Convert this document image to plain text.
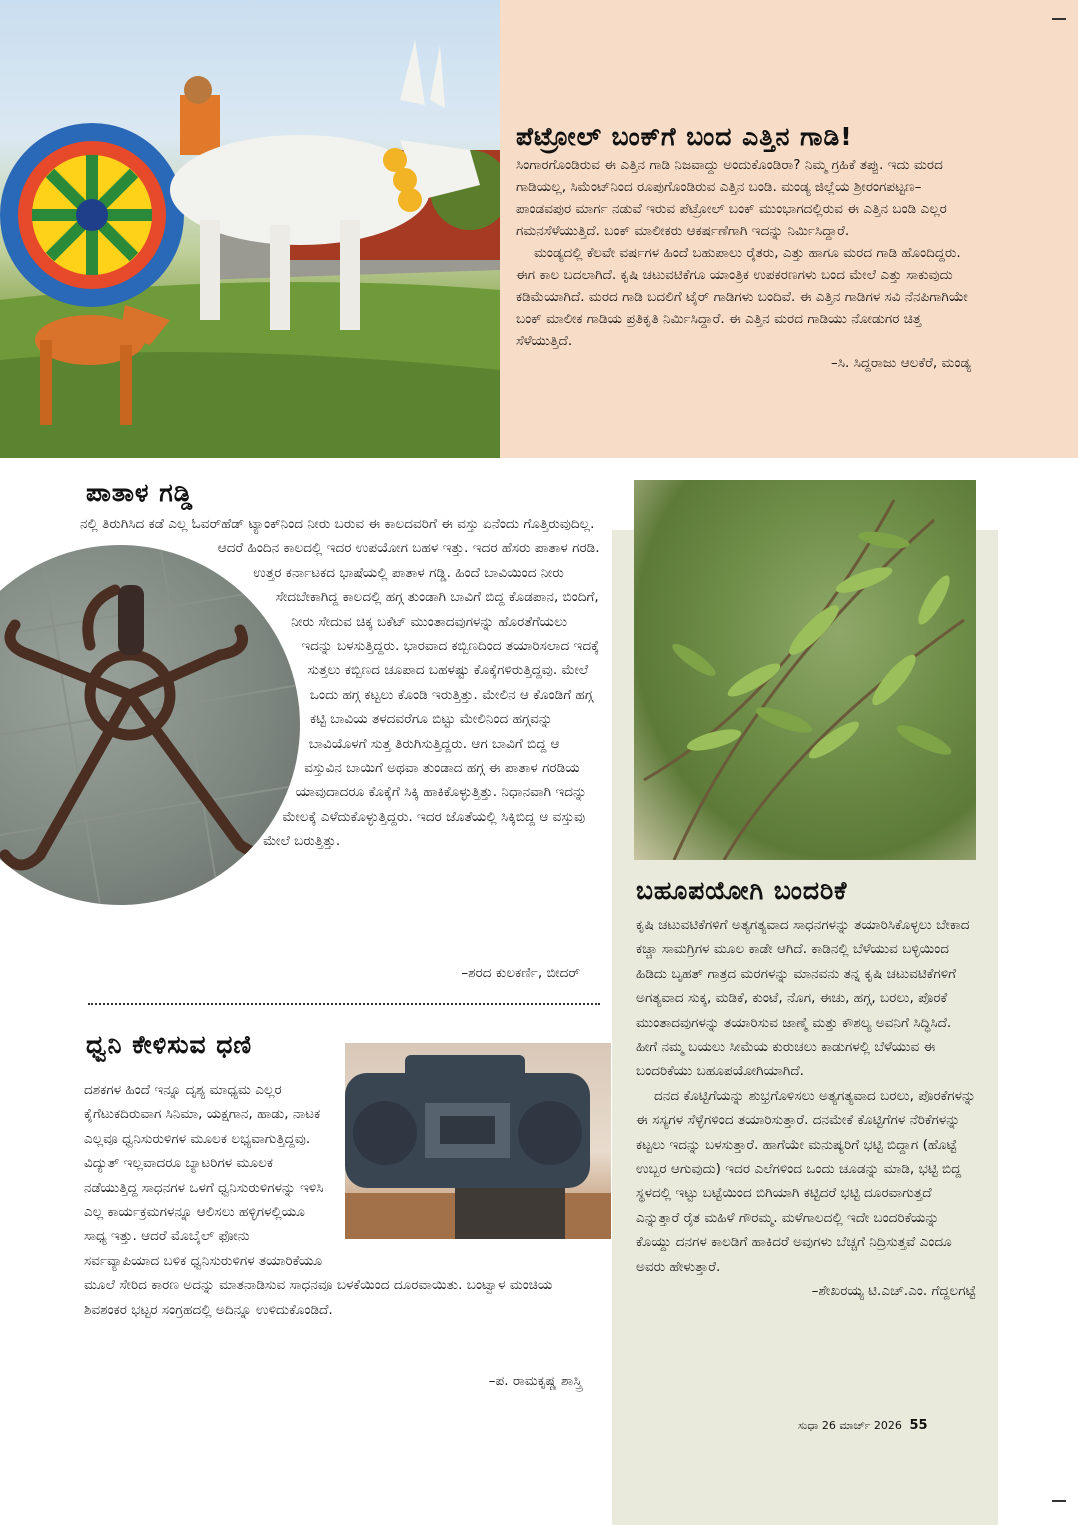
ಪೆಟ್ರೋಲ್ ಬಂಕ್‌ಗೆ ಬಂದ ಎತ್ತಿನ ಗಾಡಿ!

ಸಿಂಗಾರಗೊಂಡಿರುವ ಈ ಎತ್ತಿನ ಗಾಡಿ ನಿಜವಾದ್ದು ಅಂದುಕೊಂಡಿರಾ? ನಿಮ್ಮ ಗ್ರಹಿಕೆ ತಪ್ಪು. ಇದು ಮರದ ಗಾಡಿಯಲ್ಲ, ಸಿಮೆಂಟ್‌ನಿಂದ ರೂಪುಗೊಂಡಿರುವ ಎತ್ತಿನ ಬಂಡಿ. ಮಂಡ್ಯ ಜಿಲ್ಲೆಯ ಶ್ರೀರಂಗಪಟ್ಟಣ–ಪಾಂಡವಪುರ ಮಾರ್ಗ ನಡುವೆ ಇರುವ ಪೆಟ್ರೋಲ್ ಬಂಕ್ ಮುಂಭಾಗದಲ್ಲಿರುವ ಈ ಎತ್ತಿನ ಬಂಡಿ ಎಲ್ಲರ ಗಮನಸೆಳೆಯುತ್ತಿದೆ. ಬಂಕ್ ಮಾಲೀಕರು ಆಕರ್ಷಣೆಗಾಗಿ ಇದನ್ನು ನಿರ್ಮಿಸಿದ್ದಾರೆ.

ಮಂಡ್ಯದಲ್ಲಿ ಕೆಲವೇ ವರ್ಷಗಳ ಹಿಂದೆ ಬಹುಪಾಲು ರೈತರು, ಎತ್ತು ಹಾಗೂ ಮರದ ಗಾಡಿ ಹೊಂದಿದ್ದರು. ಈಗ ಕಾಲ ಬದಲಾಗಿದೆ. ಕೃಷಿ ಚಟುವಟಿಕೆಗೂ ಯಾಂತ್ರಿಕ ಉಪಕರಣಗಳು ಬಂದ ಮೇಲೆ ಎತ್ತು ಸಾಕುವುದು ಕಡಿಮೆಯಾಗಿದೆ. ಮರದ ಗಾಡಿ ಬದಲಿಗೆ ಟೈರ್ ಗಾಡಿಗಳು ಬಂದಿವೆ. ಈ ಎತ್ತಿನ ಗಾಡಿಗಳ ಸವಿ ನೆನಪಿಗಾಗಿಯೇ ಬಂಕ್ ಮಾಲೀಕ ಗಾಡಿಯ ಪ್ರತಿಕೃತಿ ನಿರ್ಮಿಸಿದ್ದಾರೆ. ಈ ಎತ್ತಿನ ಮರದ ಗಾಡಿಯು ನೋಡುಗರ ಚಿತ್ತ ಸೆಳೆಯುತ್ತಿದೆ.

–ಸಿ. ಸಿದ್ದರಾಜು ಆಲಕೆರೆ, ಮಂಡ್ಯ

ಪಾತಾಳ ಗಡ್ಡಿ

ನಲ್ಲಿ ತಿರುಗಿಸಿದ ಕಡೆ ಎಲ್ಲ ಓವರ್‌ಹೆಡ್ ಟ್ಯಾಂಕ್‌ನಿಂದ ನೀರು ಬರುವ ಈ ಕಾಲದವರಿಗೆ ಈ ವಸ್ತು ಏನೆಂದು ಗೊತ್ತಿರುವುದಿಲ್ಲ. ಆದರೆ ಹಿಂದಿನ ಕಾಲದಲ್ಲಿ ಇದರ ಉಪಯೋಗ ಬಹಳ ಇತ್ತು. ಇದರ ಹೆಸರು ಪಾತಾಳ ಗರಡಿ. ಉತ್ತರ ಕರ್ನಾಟಕದ ಭಾಷೆಯಲ್ಲಿ ಪಾತಾಳ ಗಡ್ಡಿ. ಹಿಂದೆ ಬಾವಿಯಿಂದ ನೀರು ಸೇದಬೇಕಾಗಿದ್ದ ಕಾಲದಲ್ಲಿ ಹಗ್ಗ ತುಂಡಾಗಿ ಬಾವಿಗೆ ಬಿದ್ದ ಕೊಡಪಾನ, ಬಿಂದಿಗೆ, ನೀರು ಸೇದುವ ಚಿಕ್ಕ ಬಕೆಟ್ ಮುಂತಾದವುಗಳನ್ನು ಹೊರತೆಗೆಯಲು ಇದನ್ನು ಬಳಸುತ್ತಿದ್ದರು. ಭಾರವಾದ ಕಬ್ಬಿಣದಿಂದ ತಯಾರಿಸಲಾದ ಇದಕ್ಕೆ ಸುತ್ತಲು ಕಬ್ಬಿಣದ ಚೂಪಾದ ಬಹಳಷ್ಟು ಕೊಕ್ಕೆಗಳಿರುತ್ತಿದ್ದವು. ಮೇಲೆ ಒಂದು ಹಗ್ಗ ಕಟ್ಟಲು ಕೊಂಡಿ ಇರುತ್ತಿತ್ತು. ಮೇಲಿನ ಆ ಕೊಂಡಿಗೆ ಹಗ್ಗ ಕಟ್ಟಿ ಬಾವಿಯ ತಳದವರೆಗೂ ಬಿಟ್ಟು ಮೇಲಿನಿಂದ ಹಗ್ಗವನ್ನು ಬಾವಿಯೊಳಗೆ ಸುತ್ತ ತಿರುಗಿಸುತ್ತಿದ್ದರು. ಆಗ ಬಾವಿಗೆ ಬಿದ್ದ ಆ ವಸ್ತುವಿನ ಬಾಯಿಗೆ ಅಥವಾ ತುಂಡಾದ ಹಗ್ಗ ಈ ಪಾತಾಳ ಗರಡಿಯ ಯಾವುದಾದರೂ ಕೊಕ್ಕೆಗೆ ಸಿಕ್ಕಿ ಹಾಕಿಕೊಳ್ಳುತ್ತಿತ್ತು. ನಿಧಾನವಾಗಿ ಇದನ್ನು ಮೇಲಕ್ಕೆ ಎಳೆದುಕೊಳ್ಳುತ್ತಿದ್ದರು. ಇದರ ಜೊತೆಯಲ್ಲಿ ಸಿಕ್ಕಿಬಿದ್ದ ಆ ವಸ್ತುವು ಮೇಲೆ ಬರುತ್ತಿತ್ತು.

–ಶರದ ಕುಲಕರ್ಣಿ, ಬೀದರ್
ಧ್ವನಿ ಕೇಳಿಸುವ ಧಣಿ

ದಶಕಗಳ ಹಿಂದೆ ಇನ್ನೂ ದೃಶ್ಯ ಮಾಧ್ಯಮ ಎಲ್ಲರ ಕೈಗೆಟುಕದಿರುವಾಗ ಸಿನಿಮಾ, ಯಕ್ಷಗಾನ, ಹಾಡು, ನಾಟಕ ಎಲ್ಲವೂ ಧ್ವನಿಸುರುಳಿಗಳ ಮೂಲಕ ಲಭ್ಯವಾಗುತ್ತಿದ್ದವು. ವಿದ್ಯುತ್ ಇಲ್ಲವಾದರೂ ಬ್ಯಾಟರಿಗಳ ಮೂಲಕ ನಡೆಯುತ್ತಿದ್ದ ಸಾಧನಗಳ ಒಳಗೆ ಧ್ವನಿಸುರುಳಿಗಳನ್ನು ಇಳಿಸಿ ಎಲ್ಲ ಕಾರ್ಯಕ್ರಮಗಳನ್ನೂ ಆಲಿಸಲು ಹಳ್ಳಿಗಳಲ್ಲಿಯೂ ಸಾಧ್ಯ ಇತ್ತು. ಆದರೆ ಮೊಬೈಲ್ ಫೋನು ಸರ್ವವ್ಯಾಪಿಯಾದ ಬಳಿಕ ಧ್ವನಿಸುರುಳಿಗಳ ತಯಾರಿಕೆಯೂ ಮೂಲೆ ಸೇರಿದ ಕಾರಣ ಅದನ್ನು ಮಾತನಾಡಿಸುವ ಸಾಧನವೂ ಬಳಕೆಯಿಂದ ದೂರವಾಯಿತು. ಬಂಟ್ವಾಳ ಮಂಚಿಯ ಶಿವಶಂಕರ ಭಟ್ಟರ ಸಂಗ್ರಹದಲ್ಲಿ ಅದಿನ್ನೂ ಉಳಿದುಕೊಂಡಿದೆ.

–ಪ. ರಾಮಕೃಷ್ಣ ಶಾಸ್ತ್ರಿ
ಬಹೂಪಯೋಗಿ ಬಂದರಿಕೆ

ಕೃಷಿ ಚಟುವಟಿಕೆಗಳಿಗೆ ಅತ್ಯಗತ್ಯವಾದ ಸಾಧನಗಳನ್ನು ತಯಾರಿಸಿಕೊಳ್ಳಲು ಬೇಕಾದ ಕಚ್ಚಾ ಸಾಮಗ್ರಿಗಳ ಮೂಲ ಕಾಡೇ ಆಗಿದೆ. ಕಾಡಿನಲ್ಲಿ ಬೆಳೆಯುವ ಬಳ್ಳಿಯಿಂದ ಹಿಡಿದು ಬೃಹತ್ ಗಾತ್ರದ ಮರಗಳನ್ನು ಮಾನವನು ತನ್ನ ಕೃಷಿ ಚಟುವಟಿಕೆಗಳಿಗೆ ಅಗತ್ಯವಾದ ಸುಕ್ಕ, ಮಡಿಕೆ, ಕುಂಟೆ, ನೊಗ, ಈಚು, ಹಗ್ಗ, ಬರಲು, ಪೊರಕೆ ಮುಂತಾದವುಗಳನ್ನು ತಯಾರಿಸುವ ಜಾಣ್ಮೆ ಮತ್ತು ಕೌಶಲ್ಯ ಅವನಿಗೆ ಸಿದ್ಧಿಸಿದೆ. ಹೀಗೆ ನಮ್ಮ ಬಯಲು ಸೀಮೆಯ ಕುರುಚಲು ಕಾಡುಗಳಲ್ಲಿ ಬೆಳೆಯುವ ಈ ಬಂದರಿಕೆಯು ಬಹೂಪಯೋಗಿಯಾಗಿದೆ.

ದನದ ಕೊಟ್ಟಿಗೆಯನ್ನು ಶುಭ್ರಗೊಳಿಸಲು ಅತ್ಯಗತ್ಯವಾದ ಬರಲು, ಪೊರಕೆಗಳನ್ನು ಈ ಸಸ್ಯಗಳ ಸೆಳ್ಳೆಗಳಿಂದ ತಯಾರಿಸುತ್ತಾರೆ. ದನಮೇಕೆ ಕೊಟ್ಟಿಗೆಗಳ ನೆರಿಕೆಗಳನ್ನು ಕಟ್ಟಲು ಇದನ್ನು ಬಳಸುತ್ತಾರೆ. ಹಾಗೆಯೇ ಮನುಷ್ಯರಿಗೆ ಭಟ್ಟಿ ಬಿದ್ದಾಗ (ಹೊಟ್ಟೆ ಉಬ್ಬರ ಆಗುವುದು) ಇದರ ಎಲೆಗಳಿಂದ ಒಂದು ಚೂಡನ್ನು ಮಾಡಿ, ಭಟ್ಟಿ ಬಿದ್ದ ಸ್ಥಳದಲ್ಲಿ ಇಟ್ಟು ಬಟ್ಟೆಯಿಂದ ಬಿಗಿಯಾಗಿ ಕಟ್ಟಿದರೆ ಭಟ್ಟಿ ದೂರವಾಗುತ್ತದೆ ಎನ್ನುತ್ತಾರೆ ರೈತ ಮಹಿಳೆ ಗೌರಮ್ಮ. ಮಳೆಗಾಲದಲ್ಲಿ ಇದೇ ಬಂದರಿಕೆಯನ್ನು ಕೊಯ್ದು ದನಗಳ ಕಾಲಡಿಗೆ ಹಾಕಿದರೆ ಅವುಗಳು ಬೆಚ್ಚಗೆ ನಿದ್ರಿಸುತ್ತವೆ ಎಂದೂ ಅವರು ಹೇಳುತ್ತಾರೆ.

–ಶೇಖರಯ್ಯ ಟಿ.ಎಚ್.ಎಂ. ಗೆದ್ದಲಗಟ್ಟೆ

ಸುಧಾ 26 ಮಾರ್ಚ್ 2026 55
